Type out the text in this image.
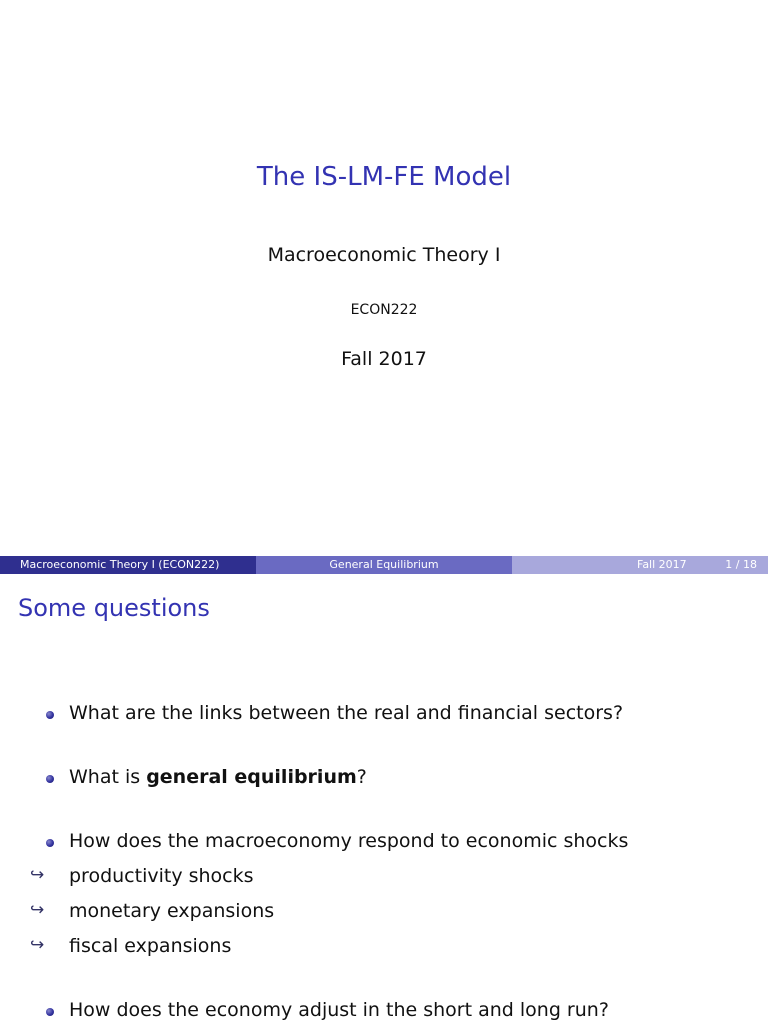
The IS-LM-FE Model
Macroeconomic Theory I
ECON222
Fall 2017
Macroeconomic Theory I (ECON222)	General Equilibrium	Fall 2017	1 / 18
Some questions
What are the links between the real and financial sectors?
What is general equilibrium?
How does the macroeconomy respond to economic shocks
↪ productivity shocks
↪ monetary expansions
↪ fiscal expansions
How does the economy adjust in the short and long run?
